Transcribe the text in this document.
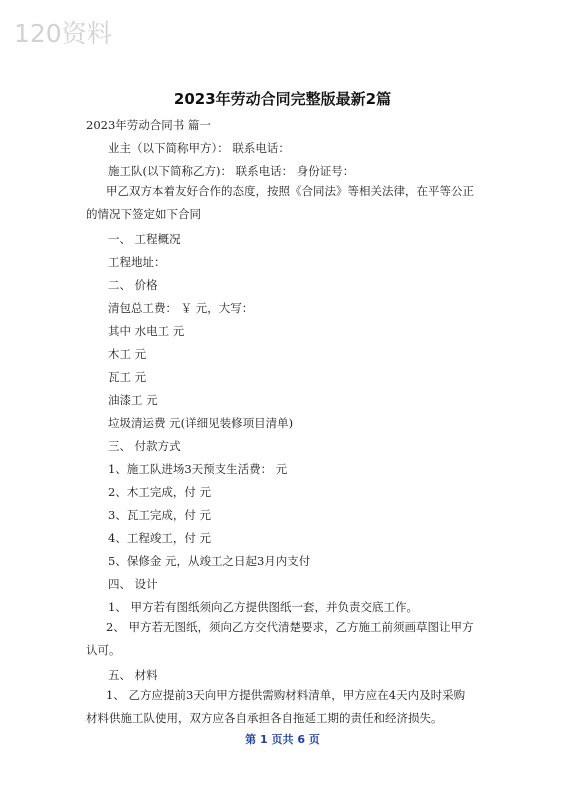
120资料
2023年劳动合同完整版最新2篇
2023年劳动合同书 篇一
业主（以下简称甲方）： 联系电话：
施工队(以下简称乙方)： 联系电话： 身份证号：
甲乙双方本着友好合作的态度，按照《合同法》等相关法律，在平等公正的情况下签定如下合同
一、 工程概况
工程地址：
二、 价格
清包总工费： ￥ 元，大写：
其中 水电工 元
木工 元
瓦工 元
油漆工 元
垃圾清运费 元(详细见装修项目清单)
三、 付款方式
1、施工队进场3天预支生活费： 元
2、木工完成，付 元
3、瓦工完成，付 元
4、工程竣工，付 元
5、保修金 元，从竣工之日起3月内支付
四、 设计
1、 甲方若有图纸须向乙方提供图纸一套，并负责交底工作。
2、 甲方若无图纸，须向乙方交代清楚要求，乙方施工前须画草图让甲方认可。
五、 材料
1、 乙方应提前3天向甲方提供需购材料清单，甲方应在4天内及时采购材料供施工队使用，双方应各自承担各自拖延工期的责任和经济损失。
第 1 页共 6 页
